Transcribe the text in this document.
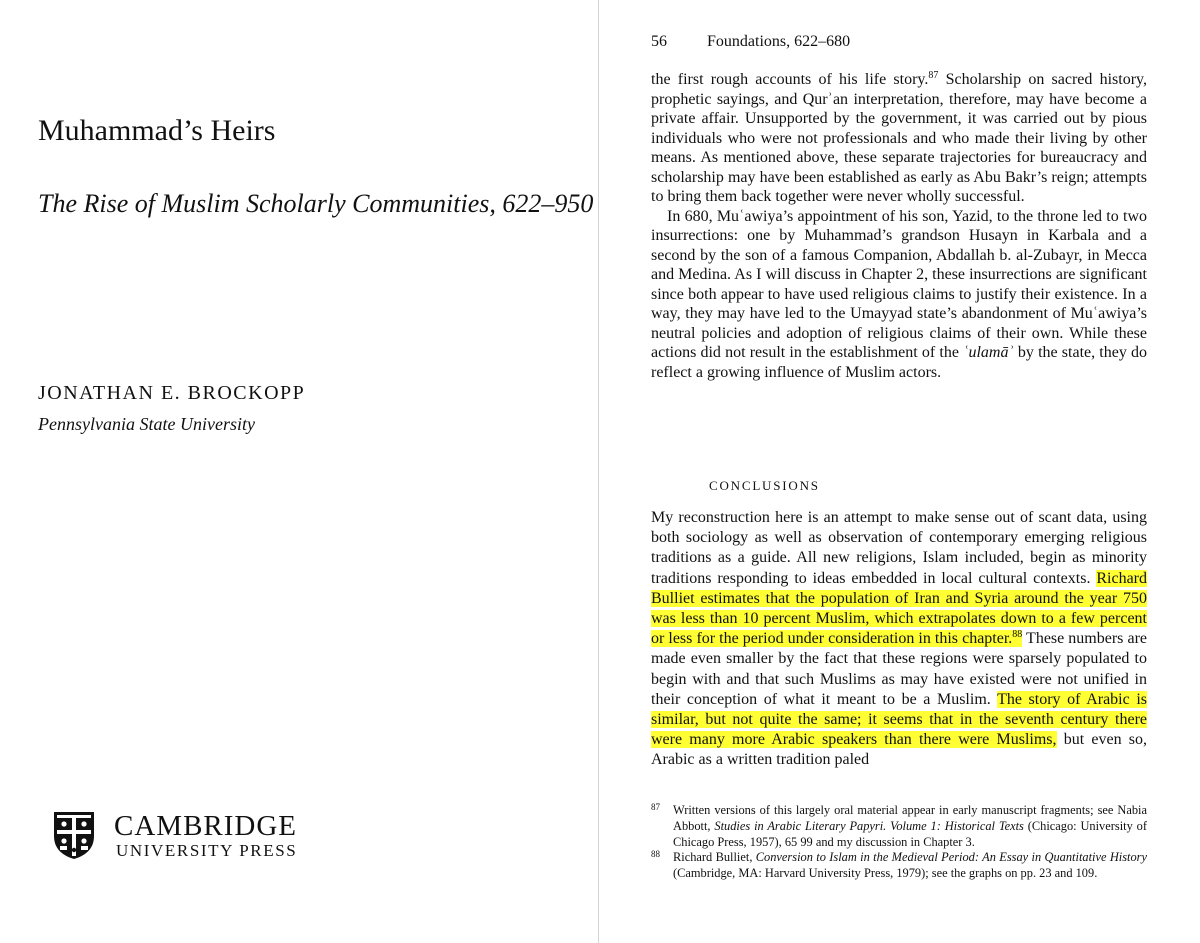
Muhammad’s Heirs
The Rise of Muslim Scholarly Communities, 622–950
JONATHAN E. BROCKOPP
Pennsylvania State University
CAMBRIDGE
UNIVERSITY PRESS
56	Foundations, 622–680

the first rough accounts of his life story.$^{87}$ Scholarship on sacred history, prophetic sayings, and Qurʾan interpretation, therefore, may have become a private affair. Unsupported by the government, it was carried out by pious individuals who were not professionals and who made their living by other means. As mentioned above, these separate trajectories for bureaucracy and scholarship may have been established as early as Abu Bakr’s reign; attempts to bring them back together were never wholly successful.

In 680, Muʿawiya’s appointment of his son, Yazid, to the throne led to two insurrections: one by Muhammad’s grandson Husayn in Karbala and a second by the son of a famous Companion, Abdallah b. al-Zubayr, in Mecca and Medina. As I will discuss in Chapter 2, these insurrections are significant since both appear to have used religious claims to justify their existence. In a way, they may have led to the Umayyad state’s abandonment of Muʿawiya’s neutral policies and adoption of religious claims of their own. While these actions did not result in the establishment of the ʿulamāʾ by the state, they do reflect a growing influence of Muslim actors.

CONCLUSIONS

My reconstruction here is an attempt to make sense out of scant data, using both sociology as well as observation of contemporary emerging religious traditions as a guide. All new religions, Islam included, begin as minority traditions responding to ideas embedded in local cultural contexts. Richard Bulliet estimates that the population of Iran and Syria around the year 750 was less than 10 percent Muslim, which extrapolates down to a few percent or less for the period under consideration in this chapter.$^{88}$ These numbers are made even smaller by the fact that these regions were sparsely populated to begin with and that such Muslims as may have existed were not unified in their conception of what it meant to be a Muslim. The story of Arabic is similar, but not quite the same; it seems that in the seventh century there were many more Arabic speakers than there were Muslims, but even so, Arabic as a written tradition paled

87 Written versions of this largely oral material appear in early manuscript fragments; see Nabia Abbott, Studies in Arabic Literary Papyri. Volume 1: Historical Texts (Chicago: University of Chicago Press, 1957), 65 99 and my discussion in Chapter 3.

88 Richard Bulliet, Conversion to Islam in the Medieval Period: An Essay in Quantitative History (Cambridge, MA: Harvard University Press, 1979); see the graphs on pp. 23 and 109.
